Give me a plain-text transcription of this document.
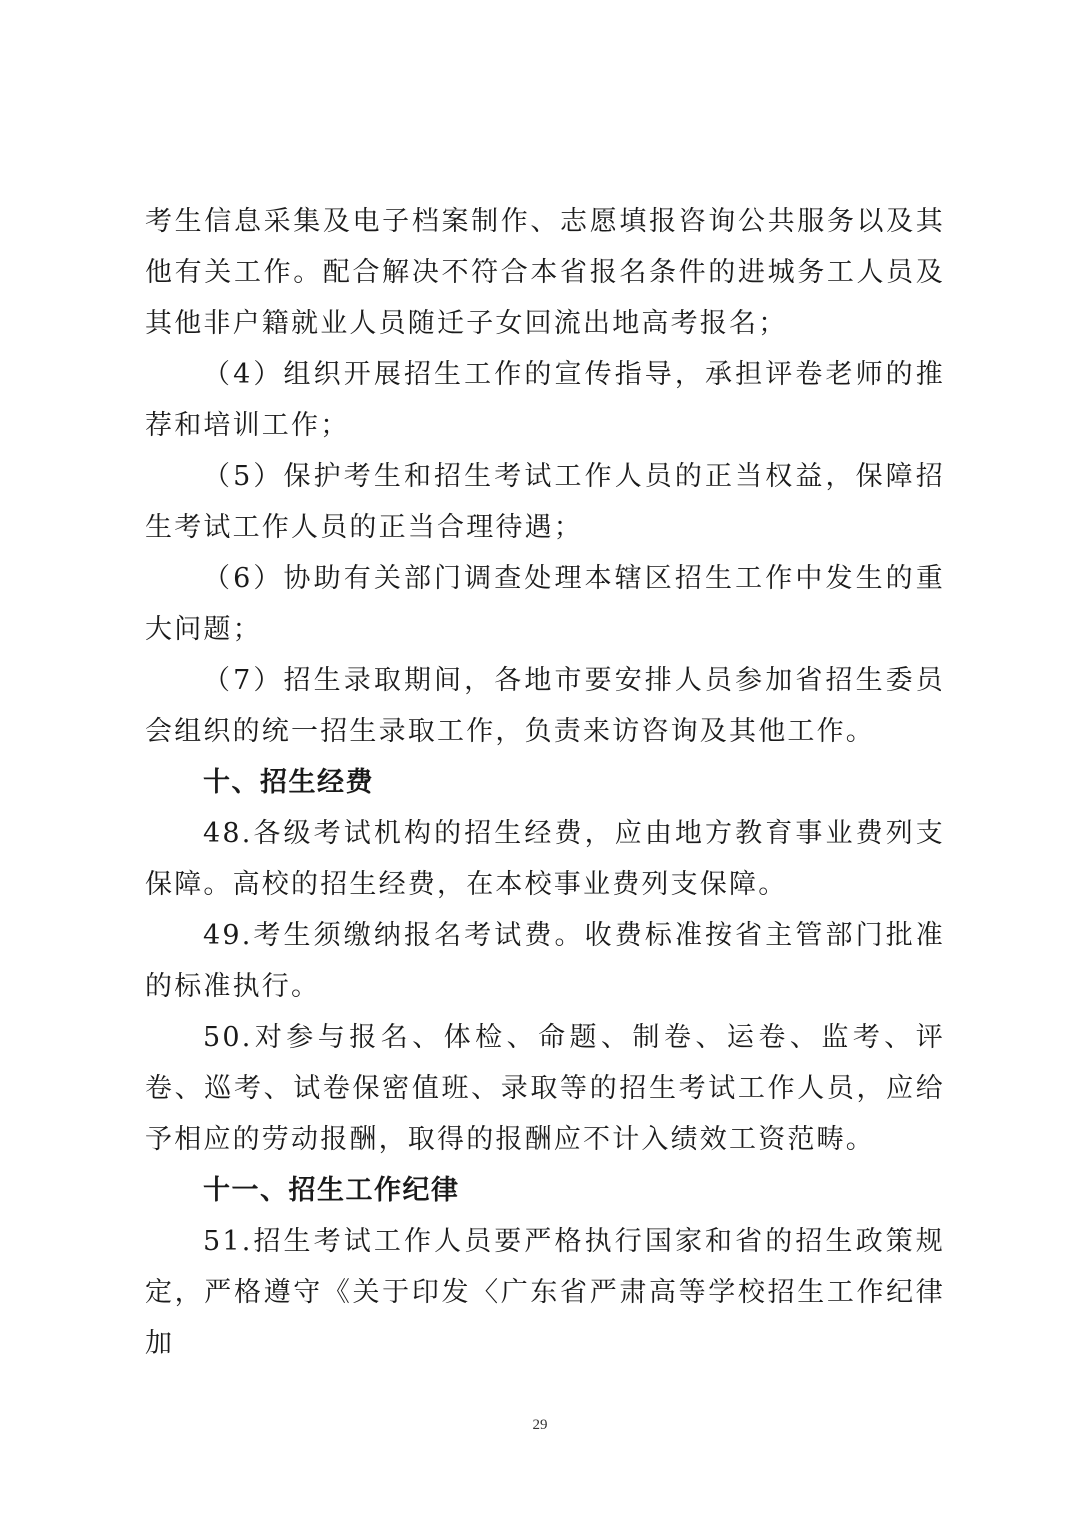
考生信息采集及电子档案制作、志愿填报咨询公共服务以及其他有关工作。配合解决不符合本省报名条件的进城务工人员及其他非户籍就业人员随迁子女回流出地高考报名；

（4）组织开展招生工作的宣传指导，承担评卷老师的推荐和培训工作；

（5）保护考生和招生考试工作人员的正当权益，保障招生考试工作人员的正当合理待遇；

（6）协助有关部门调查处理本辖区招生工作中发生的重大问题；

（7）招生录取期间，各地市要安排人员参加省招生委员会组织的统一招生录取工作，负责来访咨询及其他工作。

十、招生经费

48.各级考试机构的招生经费，应由地方教育事业费列支保障。高校的招生经费，在本校事业费列支保障。

49.考生须缴纳报名考试费。收费标准按省主管部门批准的标准执行。

50.对参与报名、体检、命题、制卷、运卷、监考、评卷、巡考、试卷保密值班、录取等的招生考试工作人员，应给予相应的劳动报酬，取得的报酬应不计入绩效工资范畴。

十一、招生工作纪律

51.招生考试工作人员要严格执行国家和省的招生政策规定，严格遵守《关于印发〈广东省严肃高等学校招生工作纪律加

29
